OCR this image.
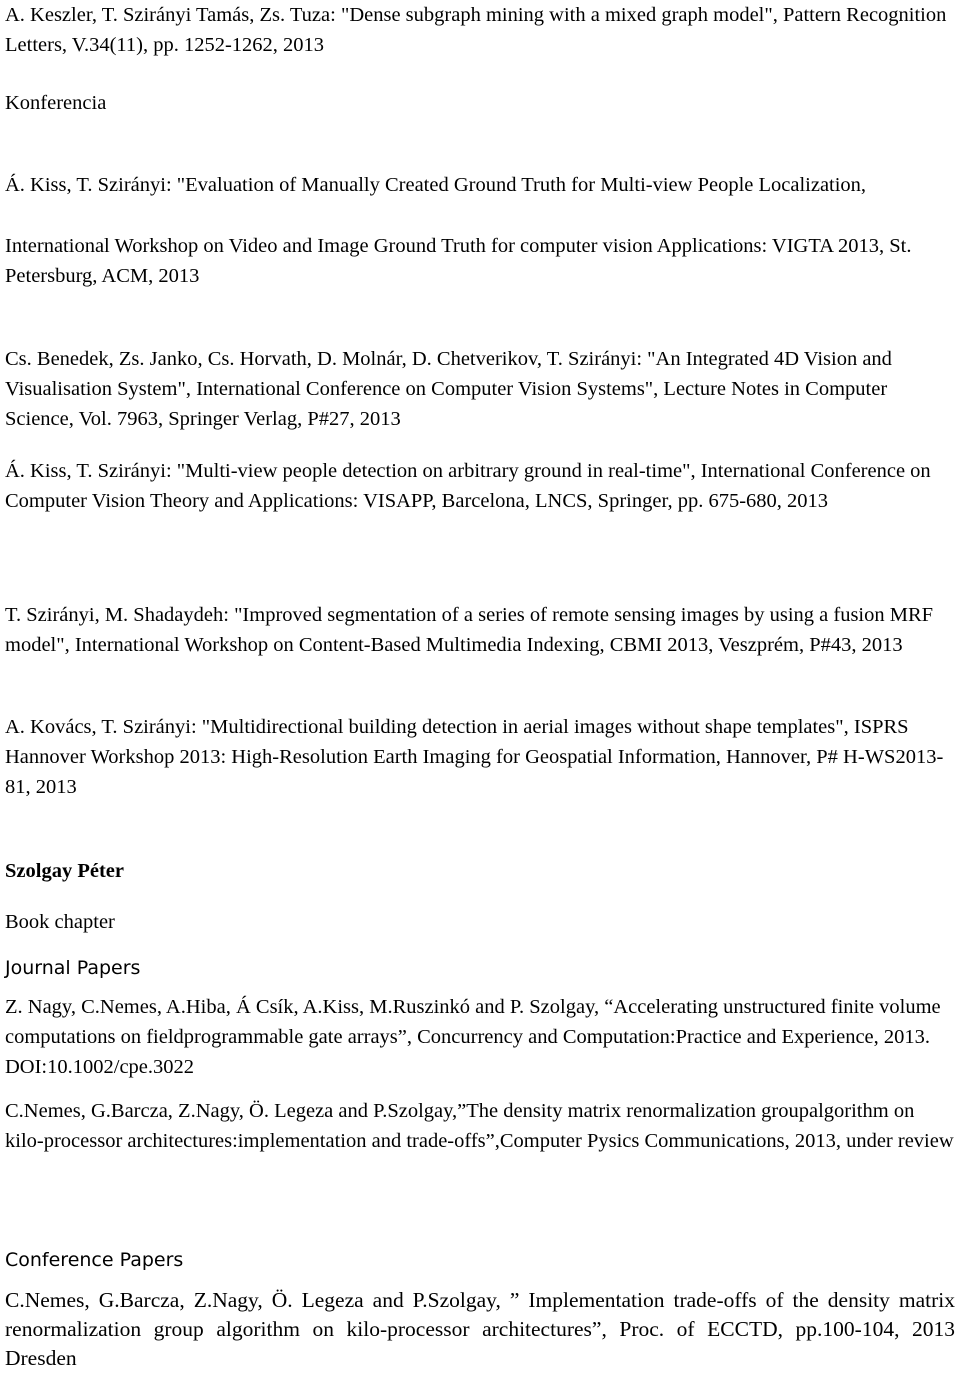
A. Keszler, T. Szirányi Tamás, Zs. Tuza: "Dense subgraph mining with a mixed graph model", Pattern Recognition Letters, V.34(11), pp. 1252-1262, 2013

Konferencia

Á. Kiss, T. Szirányi: "Evaluation of Manually Created Ground Truth for Multi-view People Localization,

International Workshop on Video and Image Ground Truth for computer vision Applications: VIGTA 2013, St. Petersburg, ACM, 2013

Cs. Benedek, Zs. Janko, Cs. Horvath, D. Molnár, D. Chetverikov, T. Szirányi: "An Integrated 4D Vision and Visualisation System", International Conference on Computer Vision Systems", Lecture Notes in Computer Science, Vol. 7963, Springer Verlag, P#27, 2013

Á. Kiss, T. Szirányi: "Multi-view people detection on arbitrary ground in real-time", International Conference on Computer Vision Theory and Applications: VISAPP, Barcelona, LNCS, Springer, pp. 675-680, 2013

T. Szirányi, M. Shadaydeh: "Improved segmentation of a series of remote sensing images by using a fusion MRF model", International Workshop on Content-Based Multimedia Indexing, CBMI 2013, Veszprém, P#43, 2013

A. Kovács, T. Szirányi: "Multidirectional building detection in aerial images without shape templates", ISPRS Hannover Workshop 2013: High-Resolution Earth Imaging for Geospatial Information, Hannover, P# H-WS2013-81, 2013

Szolgay Péter

Book chapter

Journal Papers

Z. Nagy, C.Nemes, A.Hiba, Á Csík, A.Kiss, M.Ruszinkó and P. Szolgay, “Accelerating unstructured finite volume computations on fieldprogrammable gate arrays”, Concurrency and Computation:Practice and Experience, 2013. DOI:10.1002/cpe.3022

C.Nemes, G.Barcza, Z.Nagy, Ö. Legeza and P.Szolgay,”The density matrix renormalization groupalgorithm on kilo-processor architectures:implementation and trade-offs”,Computer Pysics Communications, 2013, under review

Conference Papers

C.Nemes, G.Barcza, Z.Nagy, Ö. Legeza and P.Szolgay, ” Implementation trade-offs of the density matrix renormalization group algorithm on kilo-processor architectures”, Proc. of ECCTD, pp.100-104, 2013 Dresden
